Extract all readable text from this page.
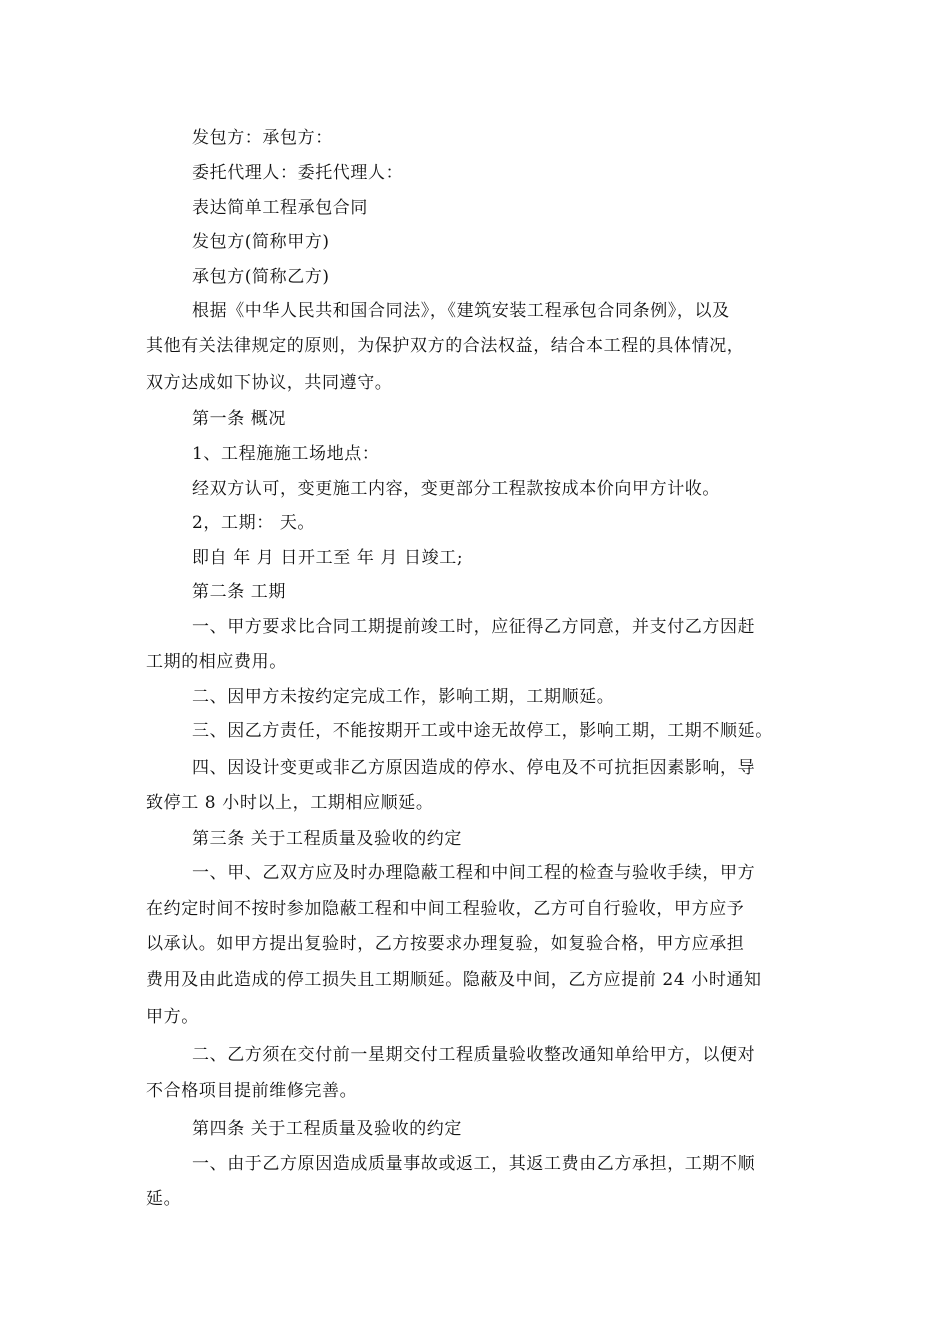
发包方：承包方：
委托代理人：委托代理人：
表达简单工程承包合同
发包方(简称甲方)
承包方(简称乙方)
根据《中华人民共和国合同法》，《建筑安装工程承包合同条例》，以及
其他有关法律规定的原则，为保护双方的合法权益，结合本工程的具体情况，
双方达成如下协议，共同遵守。
第一条 概况
1、工程施施工场地点：
经双方认可，变更施工内容，变更部分工程款按成本价向甲方计收。
2，工期： 天。
即自 年 月 日开工至 年 月 日竣工;
第二条 工期
一、甲方要求比合同工期提前竣工时，应征得乙方同意，并支付乙方因赶
工期的相应费用。
二、因甲方未按约定完成工作，影响工期，工期顺延。
三、因乙方责任，不能按期开工或中途无故停工，影响工期，工期不顺延。
四、因设计变更或非乙方原因造成的停水、停电及不可抗拒因素影响，导
致停工 8 小时以上，工期相应顺延。
第三条 关于工程质量及验收的约定
一、甲、乙双方应及时办理隐蔽工程和中间工程的检查与验收手续，甲方
在约定时间不按时参加隐蔽工程和中间工程验收，乙方可自行验收，甲方应予
以承认。如甲方提出复验时，乙方按要求办理复验，如复验合格，甲方应承担
费用及由此造成的停工损失且工期顺延。隐蔽及中间，乙方应提前 24 小时通知
甲方。
二、乙方须在交付前一星期交付工程质量验收整改通知单给甲方，以便对
不合格项目提前维修完善。
第四条 关于工程质量及验收的约定
一、由于乙方原因造成质量事故或返工，其返工费由乙方承担，工期不顺
延。
